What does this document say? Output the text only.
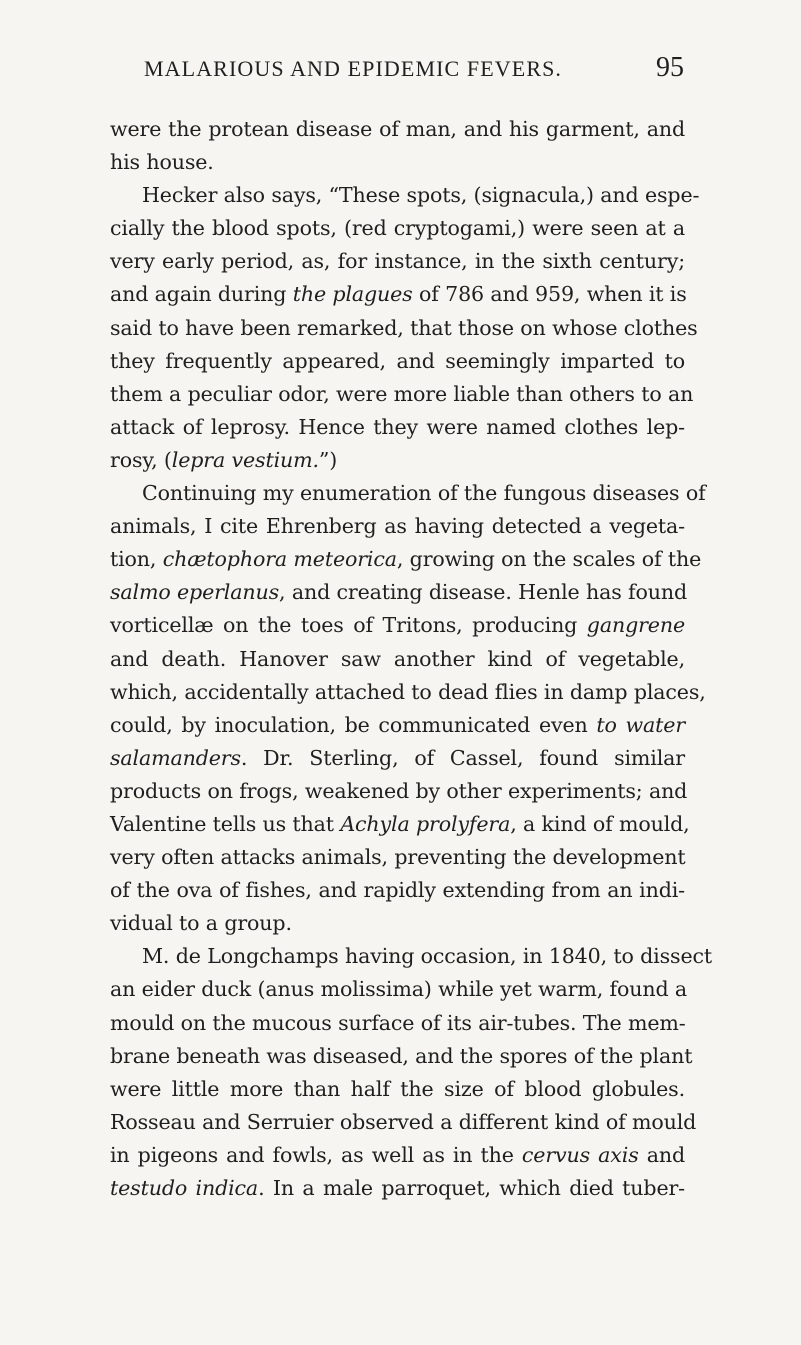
MALARIOUS AND EPIDEMIC FEVERS.	95
were the protean disease of man, and his garment, and
his house.
Hecker also says, “These spots, (signacula,) and espe-
cially the blood spots, (red cryptogami,) were seen at a
very early period, as, for instance, in the sixth century;
and again during the plagues of 786 and 959, when it is
said to have been remarked, that those on whose clothes
they frequently appeared, and seemingly imparted to
them a peculiar odor, were more liable than others to an
attack of leprosy. Hence they were named clothes lep-
rosy, (lepra vestium.”)
Continuing my enumeration of the fungous diseases of
animals, I cite Ehrenberg as having detected a vegeta-
tion, chætophora meteorica, growing on the scales of the
salmo eperlanus, and creating disease. Henle has found
vorticellæ on the toes of Tritons, producing gangrene
and death. Hanover saw another kind of vegetable,
which, accidentally attached to dead flies in damp places,
could, by inoculation, be communicated even to water
salamanders. Dr. Sterling, of Cassel, found similar
products on frogs, weakened by other experiments; and
Valentine tells us that Achyla prolyfera, a kind of mould,
very often attacks animals, preventing the development
of the ova of fishes, and rapidly extending from an indi-
vidual to a group.
M. de Longchamps having occasion, in 1840, to dissect
an eider duck (anus molissima) while yet warm, found a
mould on the mucous surface of its air-tubes. The mem-
brane beneath was diseased, and the spores of the plant
were little more than half the size of blood globules.
Rosseau and Serruier observed a different kind of mould
in pigeons and fowls, as well as in the cervus axis and
testudo indica. In a male parroquet, which died tuber-
